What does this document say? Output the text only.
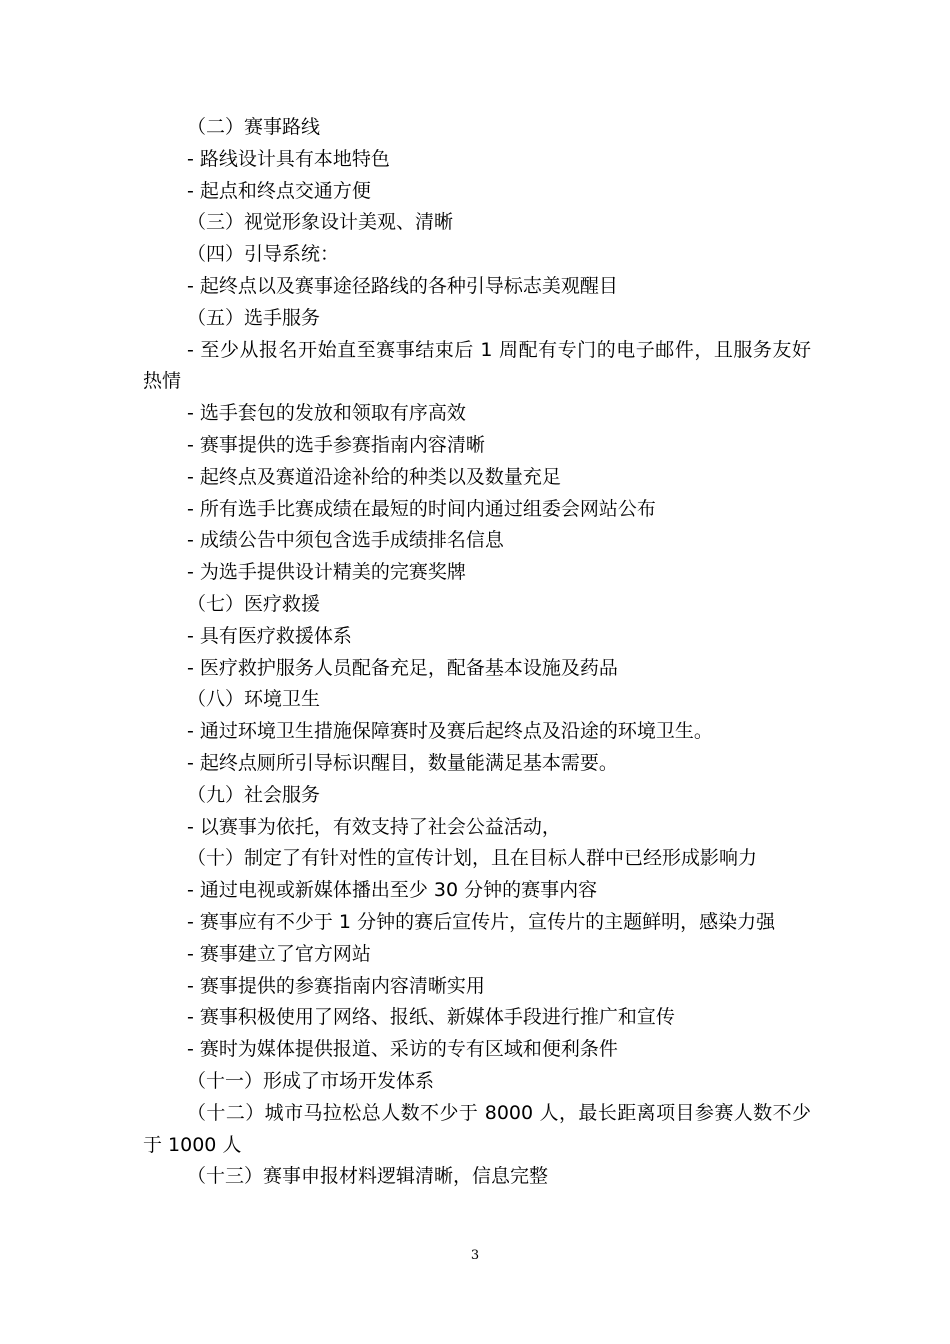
（二）赛事路线
- 路线设计具有本地特色
- 起点和终点交通方便
（三）视觉形象设计美观、清晰
（四）引导系统：
- 起终点以及赛事途径路线的各种引导标志美观醒目
（五）选手服务
- 至少从报名开始直至赛事结束后 1 周配有专门的电子邮件，且服务友好热情
- 选手套包的发放和领取有序高效
- 赛事提供的选手参赛指南内容清晰
- 起终点及赛道沿途补给的种类以及数量充足
- 所有选手比赛成绩在最短的时间内通过组委会网站公布
- 成绩公告中须包含选手成绩排名信息
- 为选手提供设计精美的完赛奖牌
（七）医疗救援
- 具有医疗救援体系
- 医疗救护服务人员配备充足，配备基本设施及药品
（八）环境卫生
- 通过环境卫生措施保障赛时及赛后起终点及沿途的环境卫生。
- 起终点厕所引导标识醒目，数量能满足基本需要。
（九）社会服务
- 以赛事为依托，有效支持了社会公益活动，
（十）制定了有针对性的宣传计划，且在目标人群中已经形成影响力
- 通过电视或新媒体播出至少 30 分钟的赛事内容
- 赛事应有不少于 1 分钟的赛后宣传片，宣传片的主题鲜明，感染力强
- 赛事建立了官方网站
- 赛事提供的参赛指南内容清晰实用
- 赛事积极使用了网络、报纸、新媒体手段进行推广和宣传
- 赛时为媒体提供报道、采访的专有区域和便利条件
（十一）形成了市场开发体系
（十二）城市马拉松总人数不少于 8000 人，最长距离项目参赛人数不少于 1000 人
（十三）赛事申报材料逻辑清晰，信息完整
3
